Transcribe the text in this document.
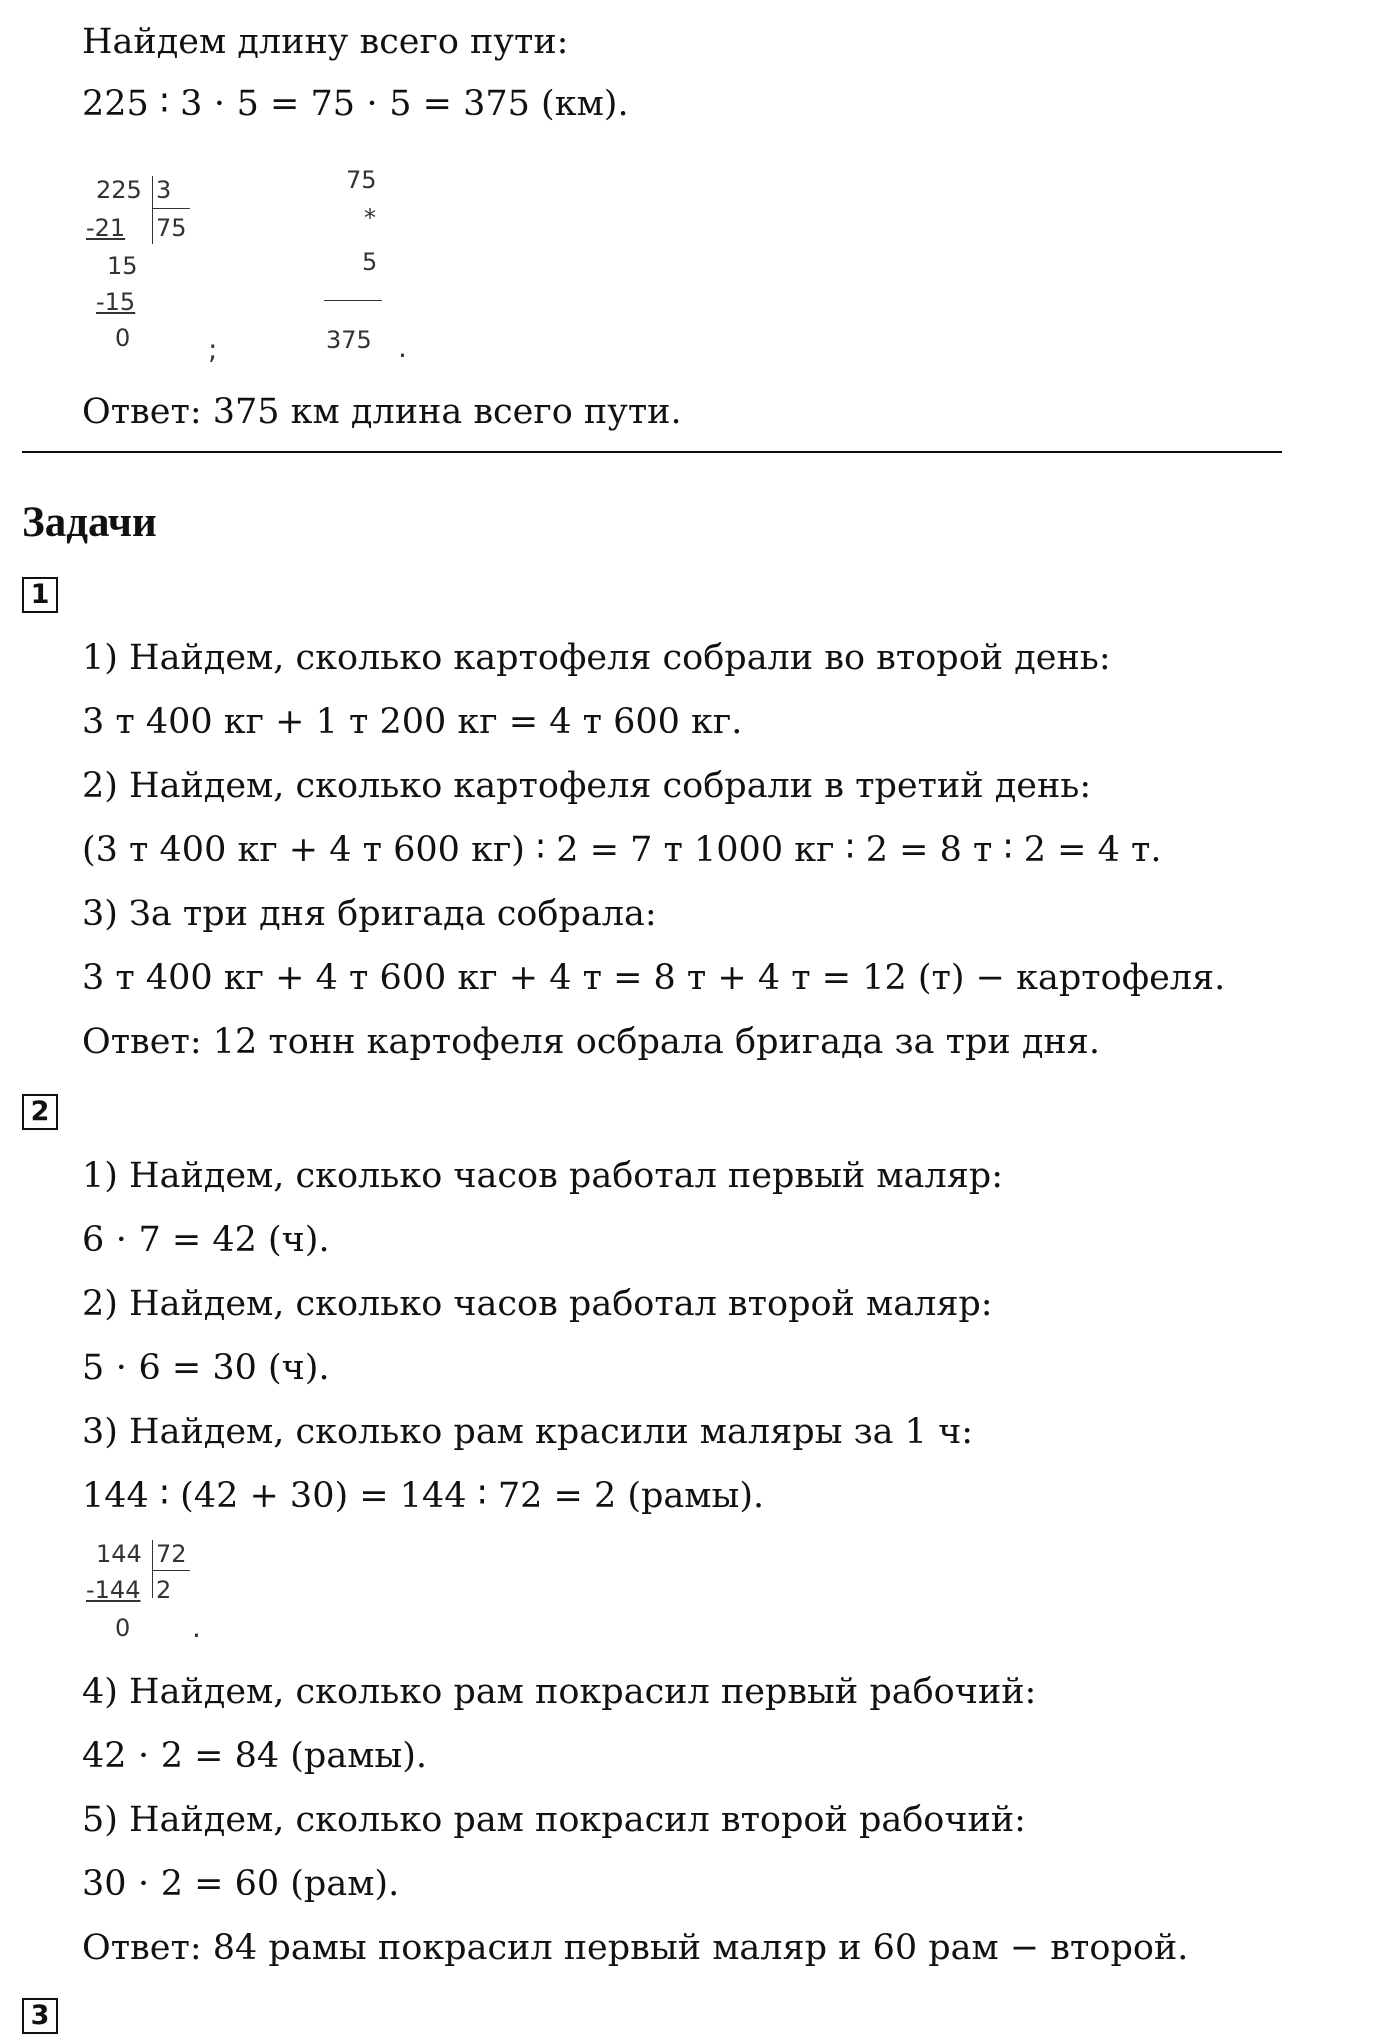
Найдем длину всего пути:
225 ∶ 3 ⋅ 5 = 75 ⋅ 5 = 375 (км).
225 3
75
-21
15
-15
0	;
75
*
5
375 .
Ответ: 375 км длина всего пути.
Задачи
1
1) Найдем, сколько картофеля собрали во второй день:
3 т 400 кг + 1 т 200 кг = 4 т 600 кг.
2) Найдем, сколько картофеля собрали в третий день:
(3 т 400 кг + 4 т 600 кг) ∶ 2 = 7 т 1000 кг ∶ 2 = 8 т ∶ 2 = 4 т.
3) За три дня бригада собрала:
3 т 400 кг + 4 т 600 кг + 4 т = 8 т + 4 т = 12 (т) − картофеля.
Ответ: 12 тонн картофеля осбрала бригада за три дня.
2
1) Найдем, сколько часов работал первый маляр:
6 ⋅ 7 = 42 (ч).
2) Найдем, сколько часов работал второй маляр:
5 ⋅ 6 = 30 (ч).
3) Найдем, сколько рам красили маляры за 1 ч:
144 ∶ (42 + 30) = 144 ∶ 72 = 2 (рамы).
144 72
-144 2
0 .
4) Найдем, сколько рам покрасил первый рабочий:
42 ⋅ 2 = 84 (рамы).
5) Найдем, сколько рам покрасил второй рабочий:
30 ⋅ 2 = 60 (рам).
Ответ: 84 рамы покрасил первый маляр и 60 рам − второй.
3
